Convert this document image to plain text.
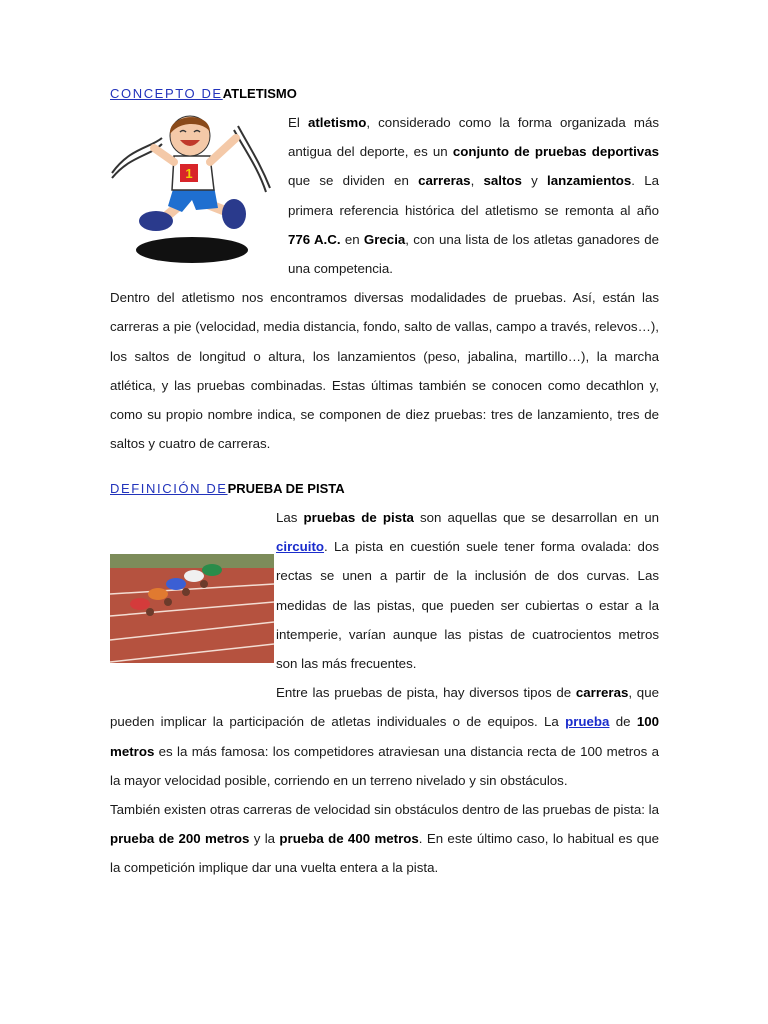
CONCEPTO DEATLETISMO
1

El atletismo, considerado como la forma organizada más antigua del deporte, es un conjunto de pruebas deportivas que se dividen en carreras, saltos y lanzamientos. La primera referencia histórica del atletismo se remonta al año 776 A.C. en Grecia, con una lista de los atletas ganadores de una competencia.

Dentro del atletismo nos encontramos diversas modalidades de pruebas. Así, están las carreras a pie (velocidad, media distancia, fondo, salto de vallas, campo a través, relevos…), los saltos de longitud o altura, los lanzamientos (peso, jabalina, martillo…), la marcha atlética, y las pruebas combinadas. Estas últimas también se conocen como decathlon y, como su propio nombre indica, se componen de diez pruebas: tres de lanzamiento, tres de saltos y cuatro de carreras.

DEFINICIÓN DEPRUEBA DE PISTA

Las pruebas de pista son aquellas que se desarrollan en un circuito. La pista en cuestión suele tener forma ovalada: dos rectas se unen a partir de la inclusión de dos curvas. Las medidas de las pistas, que pueden ser cubiertas o estar a la intemperie, varían aunque las pistas de cuatrocientos metros son las más frecuentes.

Entre las pruebas de pista, hay diversos tipos de carreras, que pueden implicar la participación de atletas individuales o de equipos. La prueba de 100 metros es la más famosa: los competidores atraviesan una distancia recta de 100 metros a la mayor velocidad posible, corriendo en un terreno nivelado y sin obstáculos.

También existen otras carreras de velocidad sin obstáculos dentro de las pruebas de pista: la prueba de 200 metros y la prueba de 400 metros. En este último caso, lo habitual es que la competición implique dar una vuelta entera a la pista.
